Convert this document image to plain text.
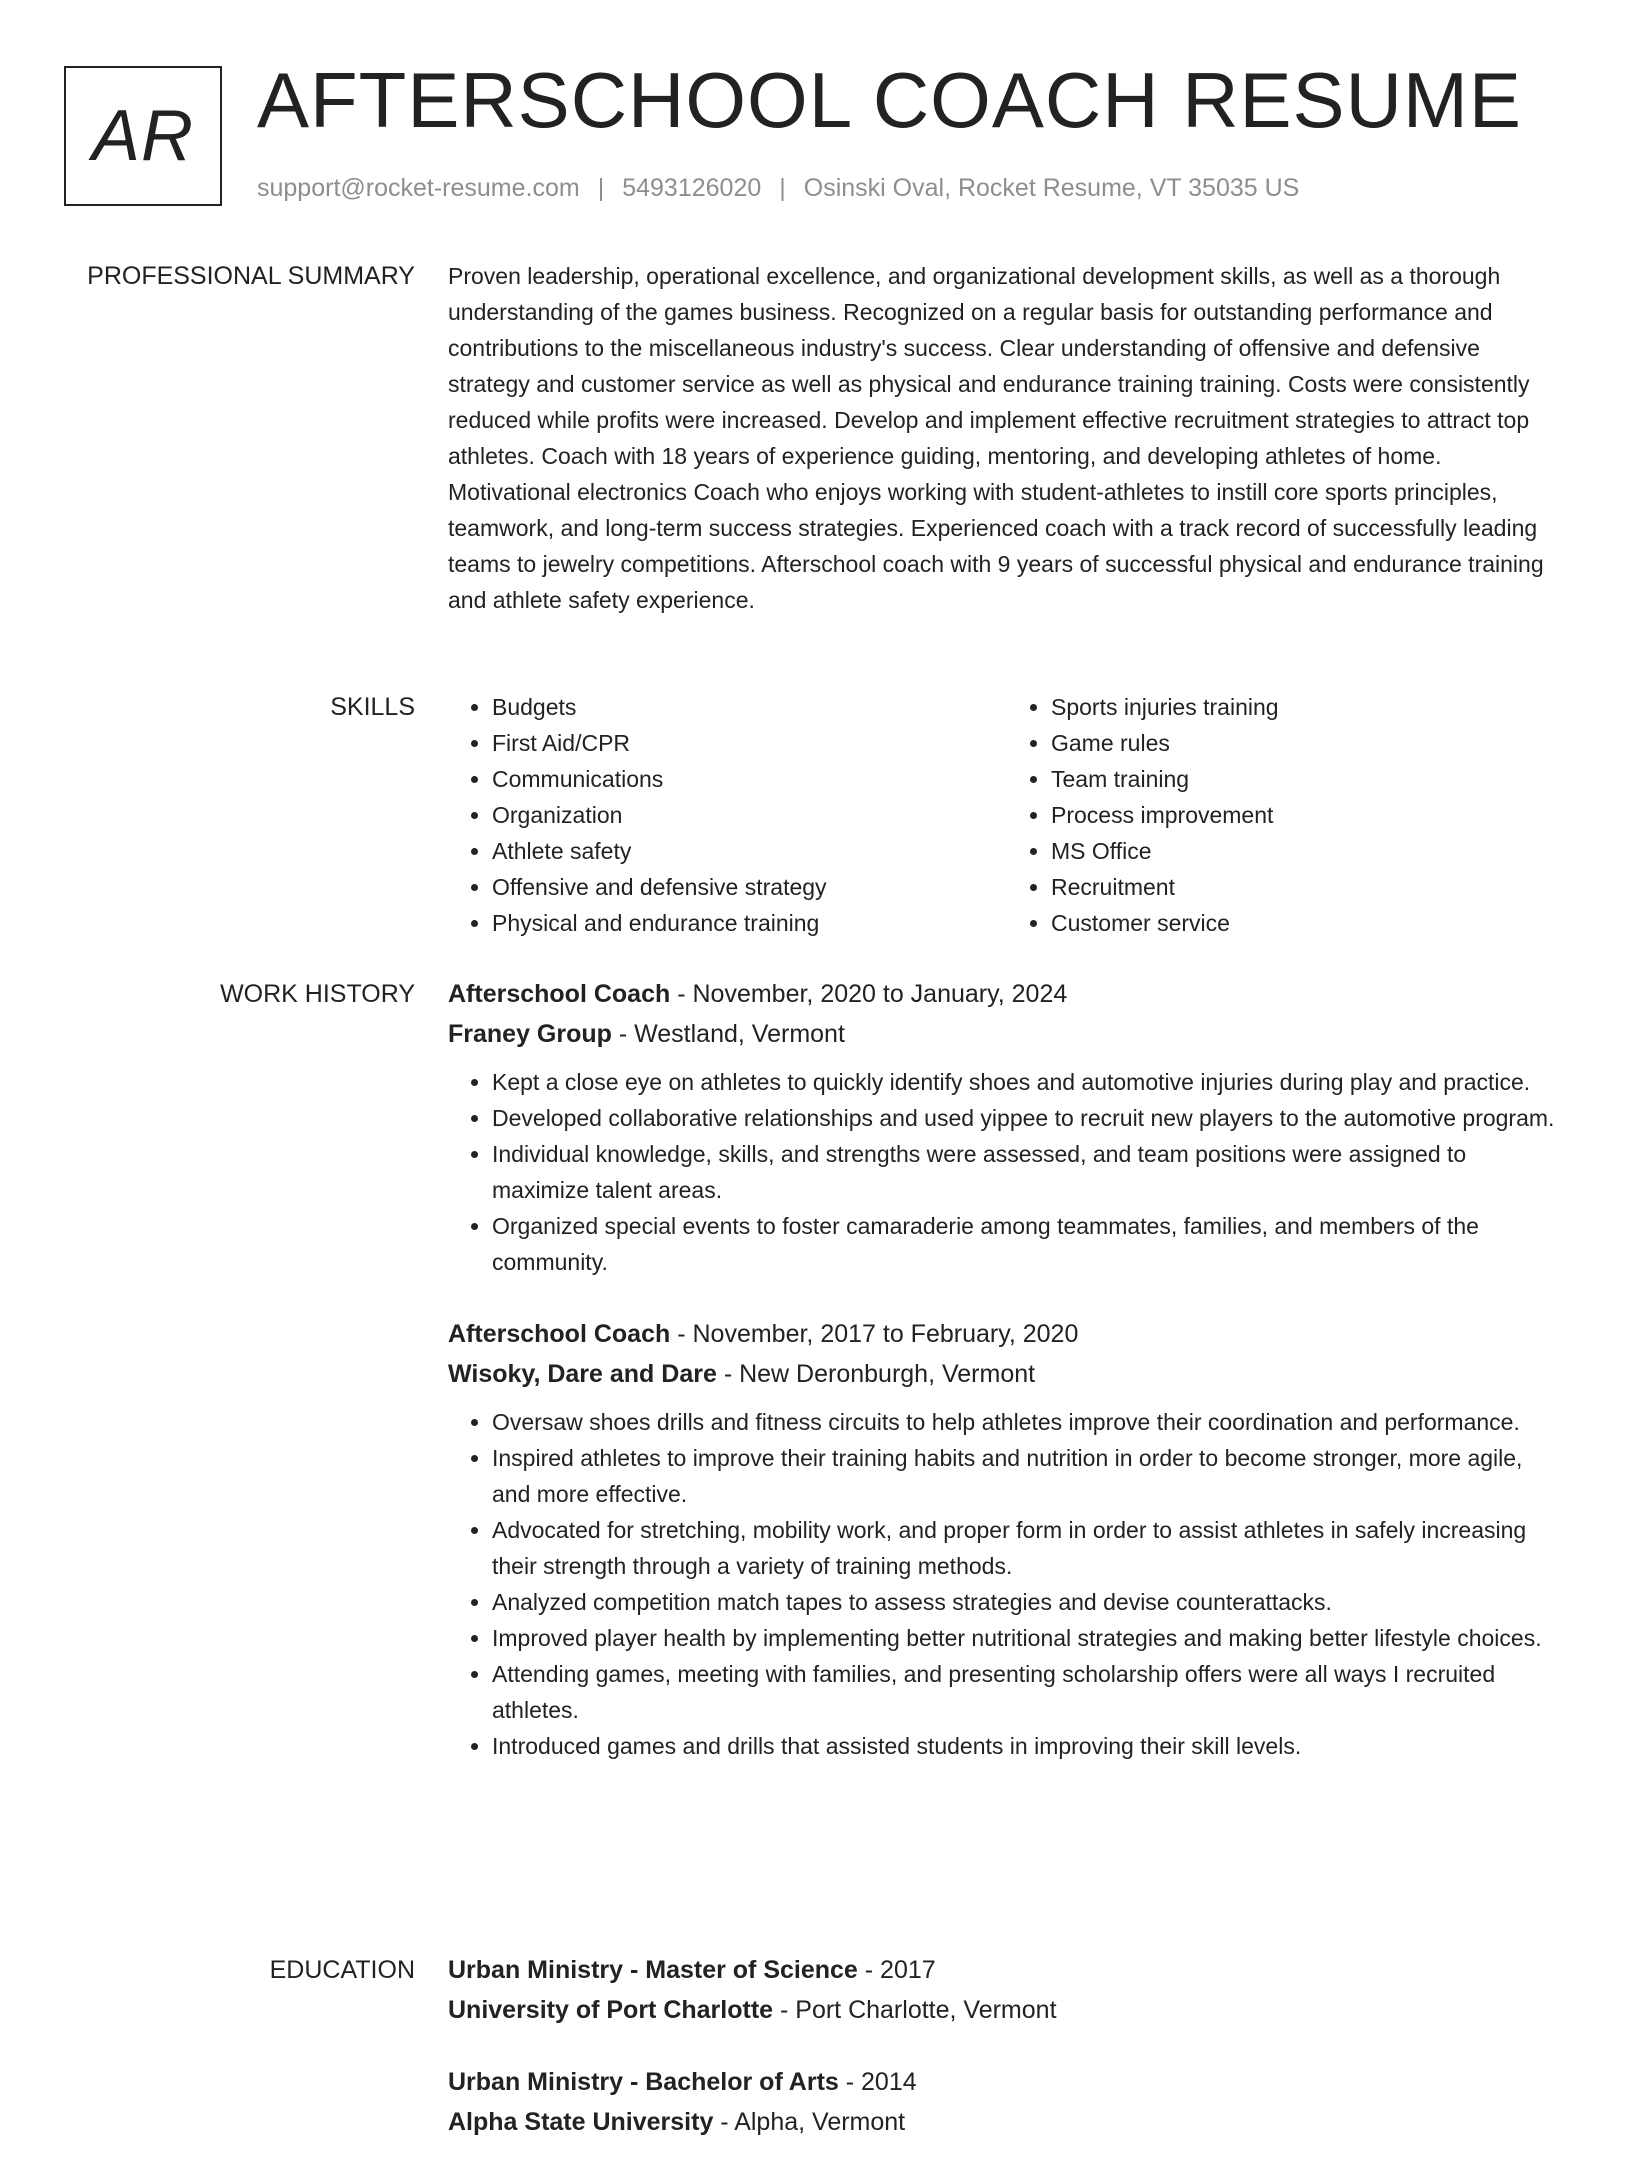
AR AFTERSCHOOL COACH RESUME
support@rocket-resume.com | 5493126020 | Osinski Oval, Rocket Resume, VT 35035 US
PROFESSIONAL SUMMARY Proven leadership, operational excellence, and organizational development skills, as well as a thorough understanding of the games business. Recognized on a regular basis for outstanding performance and contributions to the miscellaneous industry's success. Clear understanding of offensive and defensive strategy and customer service as well as physical and endurance training training. Costs were consistently reduced while profits were increased. Develop and implement effective recruitment strategies to attract top athletes. Coach with 18 years of experience guiding, mentoring, and developing athletes of home. Motivational electronics Coach who enjoys working with student-athletes to instill core sports principles, teamwork, and long-term success strategies. Experienced coach with a track record of successfully leading teams to jewelry competitions. Afterschool coach with 9 years of successful physical and endurance training and athlete safety experience.

SKILLS
•	Budgets
• First Aid/CPR
• Communications
• Organization
• Athlete safety
• Offensive and defensive strategy
• Physical and endurance training
• Sports injuries training
• Game rules
• Team training
• Process improvement
• MS Office
• Recruitment
• Customer service
WORK HISTORY Afterschool Coach - November, 2020 to January, 2024
Franey Group - Westland, Vermont
• Kept a close eye on athletes to quickly identify shoes and automotive injuries during play and practice.
• Developed collaborative relationships and used yippee to recruit new players to the automotive program.
• Individual knowledge, skills, and strengths were assessed, and team positions were assigned to maximize talent areas.
• Organized special events to foster camaraderie among teammates, families, and members of the community.
Afterschool Coach - November, 2017 to February, 2020
Wisoky, Dare and Dare - New Deronburgh, Vermont
• Oversaw shoes drills and fitness circuits to help athletes improve their coordination and performance.
• Inspired athletes to improve their training habits and nutrition in order to become stronger, more agile, and more effective.
• Advocated for stretching, mobility work, and proper form in order to assist athletes in safely increasing their strength through a variety of training methods.
• Analyzed competition match tapes to assess strategies and devise counterattacks.
• Improved player health by implementing better nutritional strategies and making better lifestyle choices.
• Attending games, meeting with families, and presenting scholarship offers were all ways I recruited athletes.
• Introduced games and drills that assisted students in improving their skill levels.
EDUCATION Urban Ministry - Master of Science - 2017
University of Port Charlotte - Port Charlotte, Vermont
Urban Ministry - Bachelor of Arts - 2014
Alpha State University - Alpha, Vermont
